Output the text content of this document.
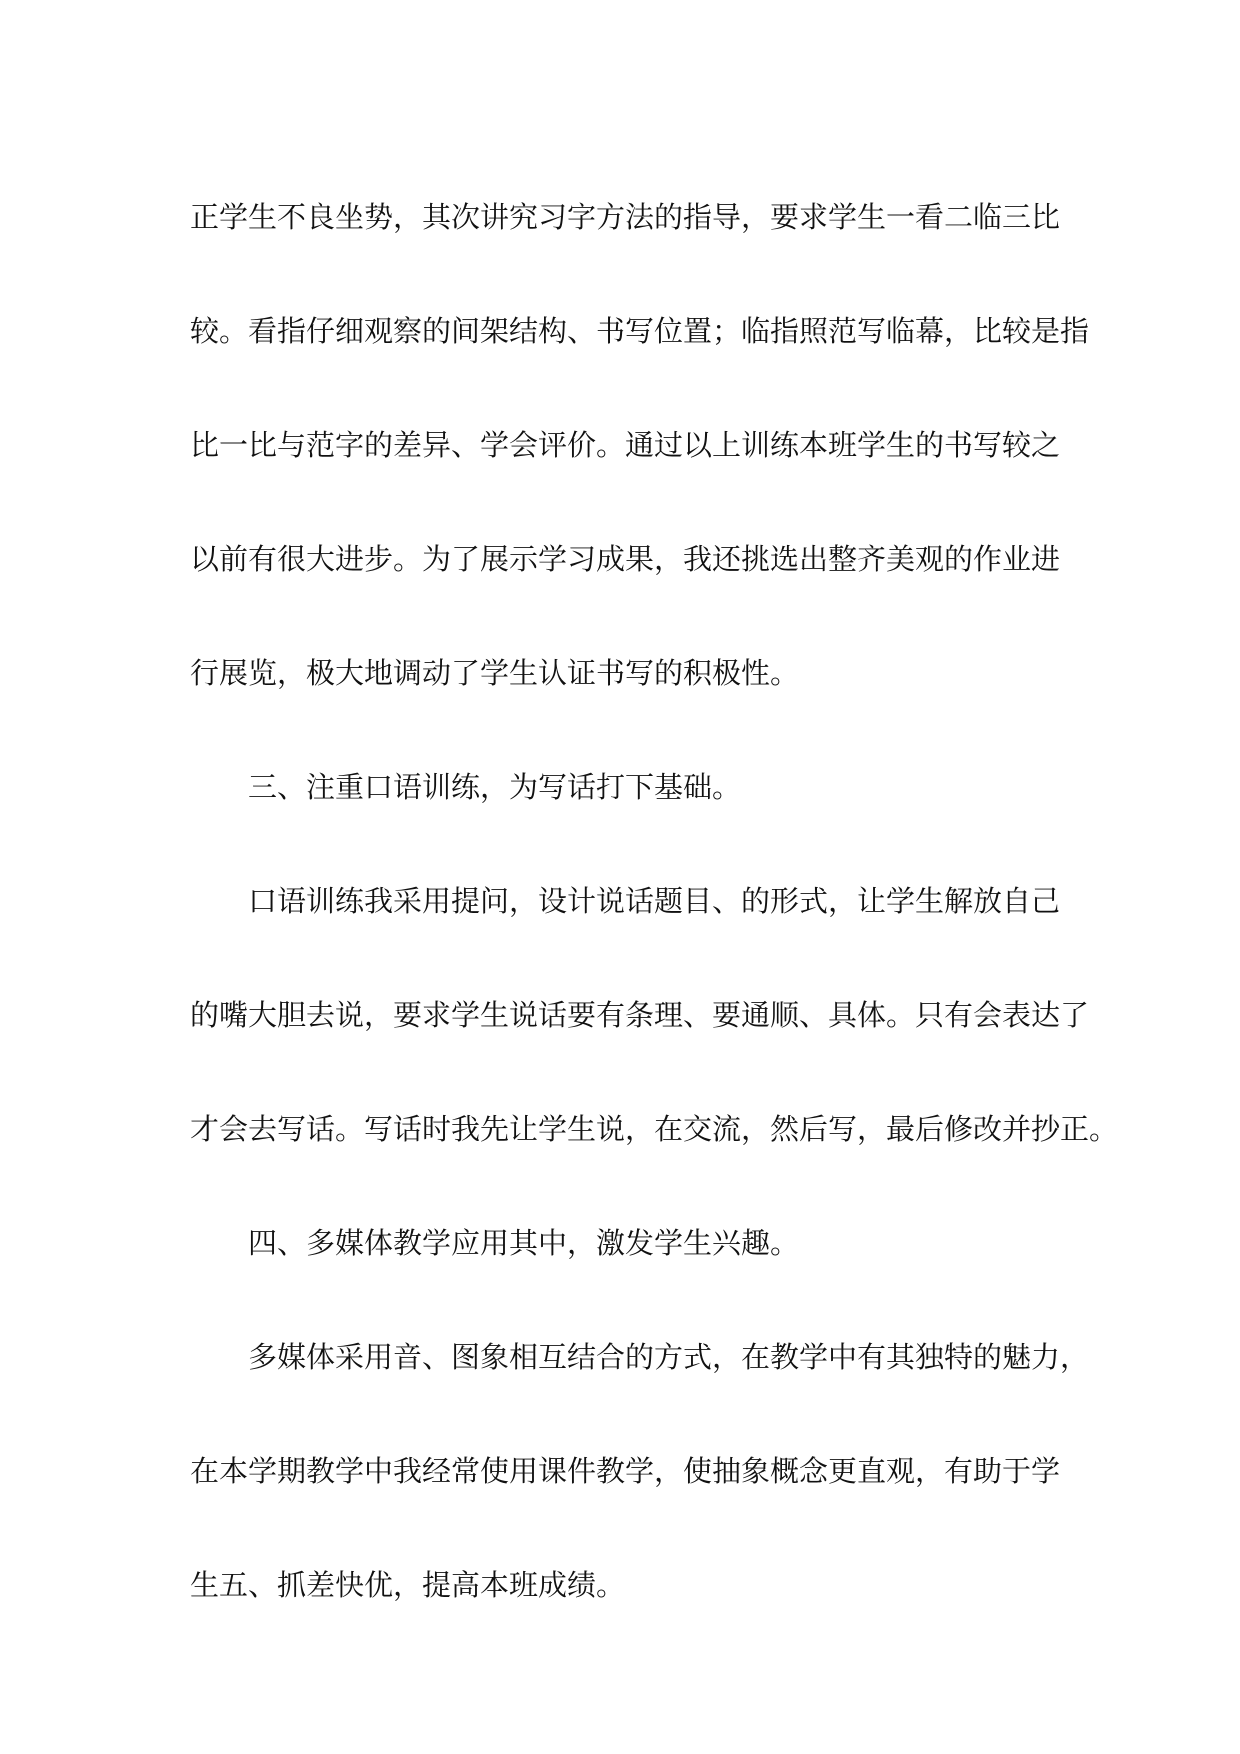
正学生不良坐势，其次讲究习字方法的指导，要求学生一看二临三比
较。看指仔细观察的间架结构、书写位置；临指照范写临幕，比较是指
比一比与范字的差异、学会评价。通过以上训练本班学生的书写较之
以前有很大进步。为了展示学习成果，我还挑选出整齐美观的作业进
行展览，极大地调动了学生认证书写的积极性。
三、注重口语训练，为写话打下基础。
口语训练我采用提问，设计说话题目、的形式，让学生解放自己
的嘴大胆去说，要求学生说话要有条理、要通顺、具体。只有会表达了
才会去写话。写话时我先让学生说，在交流，然后写，最后修改并抄正。
四、多媒体教学应用其中，激发学生兴趣。
多媒体采用音、图象相互结合的方式，在教学中有其独特的魅力，
在本学期教学中我经常使用课件教学，使抽象概念更直观，有助于学
生五、抓差快优，提高本班成绩。
